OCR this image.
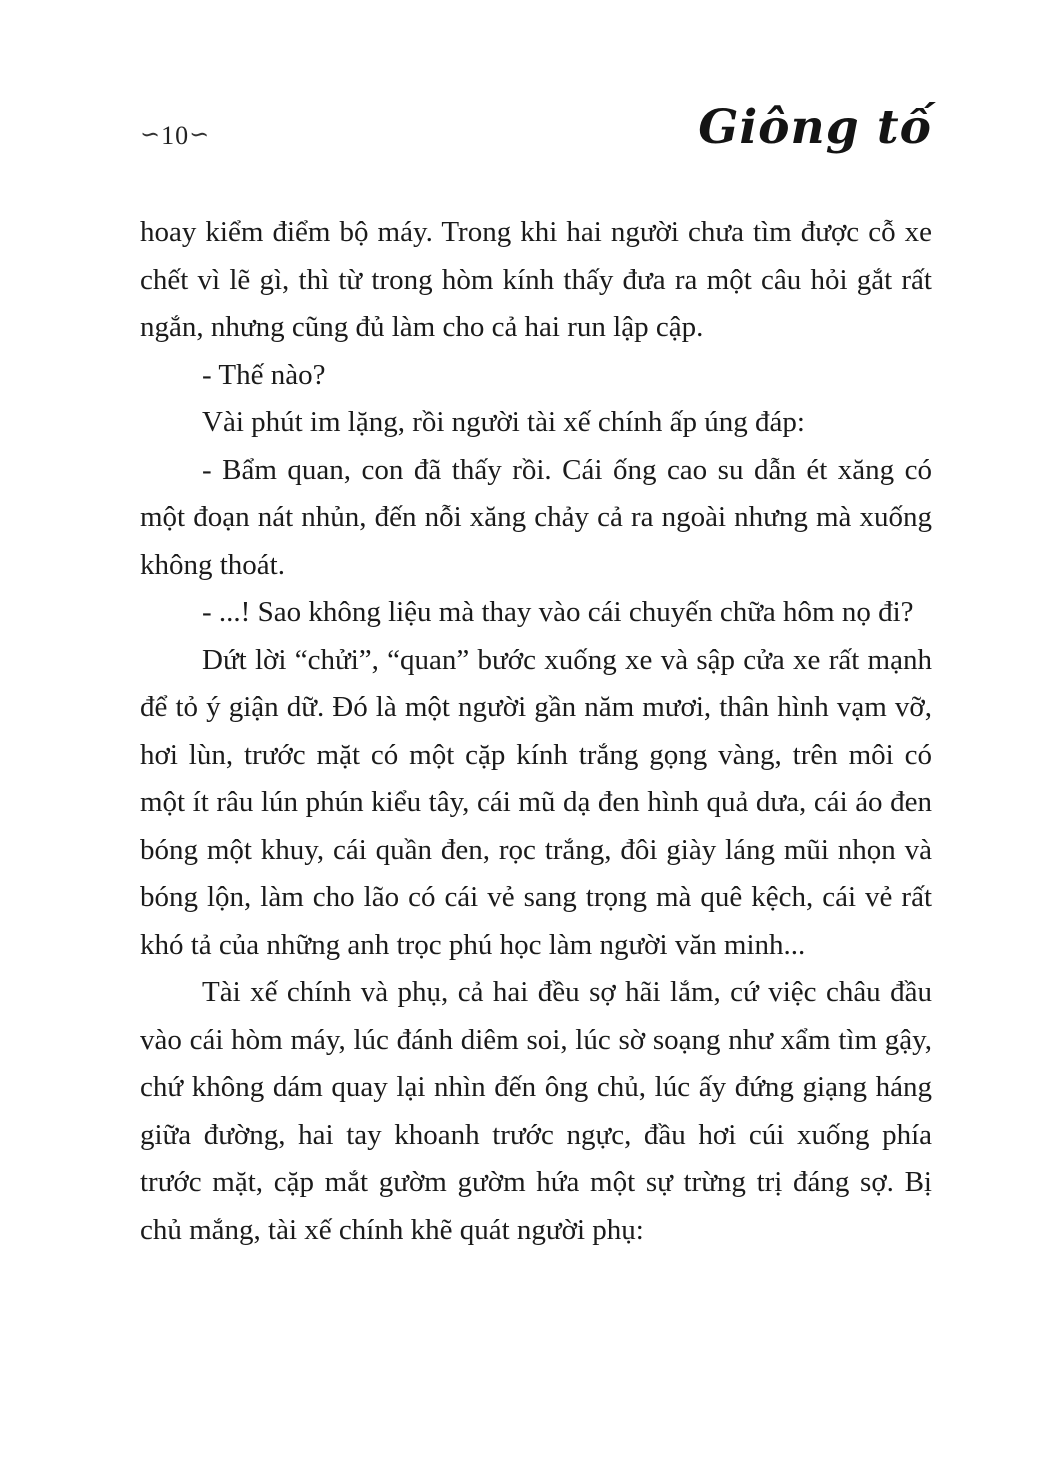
∽10∽	Giông tố

hoay kiểm điểm bộ máy. Trong khi hai người chưa tìm được cỗ xe chết vì lẽ gì, thì từ trong hòm kính thấy đưa ra một câu hỏi gắt rất ngắn, nhưng cũng đủ làm cho cả hai run lập cập.

- Thế nào?

Vài phút im lặng, rồi người tài xế chính ấp úng đáp:

- Bẩm quan, con đã thấy rồi. Cái ống cao su dẫn ét xăng có một đoạn nát nhủn, đến nỗi xăng chảy cả ra ngoài nhưng mà xuống không thoát.

- ...! Sao không liệu mà thay vào cái chuyến chữa hôm nọ đi?

Dứt lời “chửi”, “quan” bước xuống xe và sập cửa xe rất mạnh để tỏ ý giận dữ. Đó là một người gần năm mươi, thân hình vạm vỡ, hơi lùn, trước mặt có một cặp kính trắng gọng vàng, trên môi có một ít râu lún phún kiểu tây, cái mũ dạ đen hình quả dưa, cái áo đen bóng một khuy, cái quần đen, rọc trắng, đôi giày láng mũi nhọn và bóng lộn, làm cho lão có cái vẻ sang trọng mà quê kệch, cái vẻ rất khó tả của những anh trọc phú học làm người văn minh...

Tài xế chính và phụ, cả hai đều sợ hãi lắm, cứ việc châu đầu vào cái hòm máy, lúc đánh diêm soi, lúc sờ soạng như xẩm tìm gậy, chứ không dám quay lại nhìn đến ông chủ, lúc ấy đứng giạng háng giữa đường, hai tay khoanh trước ngực, đầu hơi cúi xuống phía trước mặt, cặp mắt gườm gườm hứa một sự trừng trị đáng sợ. Bị chủ mắng, tài xế chính khẽ quát người phụ:
